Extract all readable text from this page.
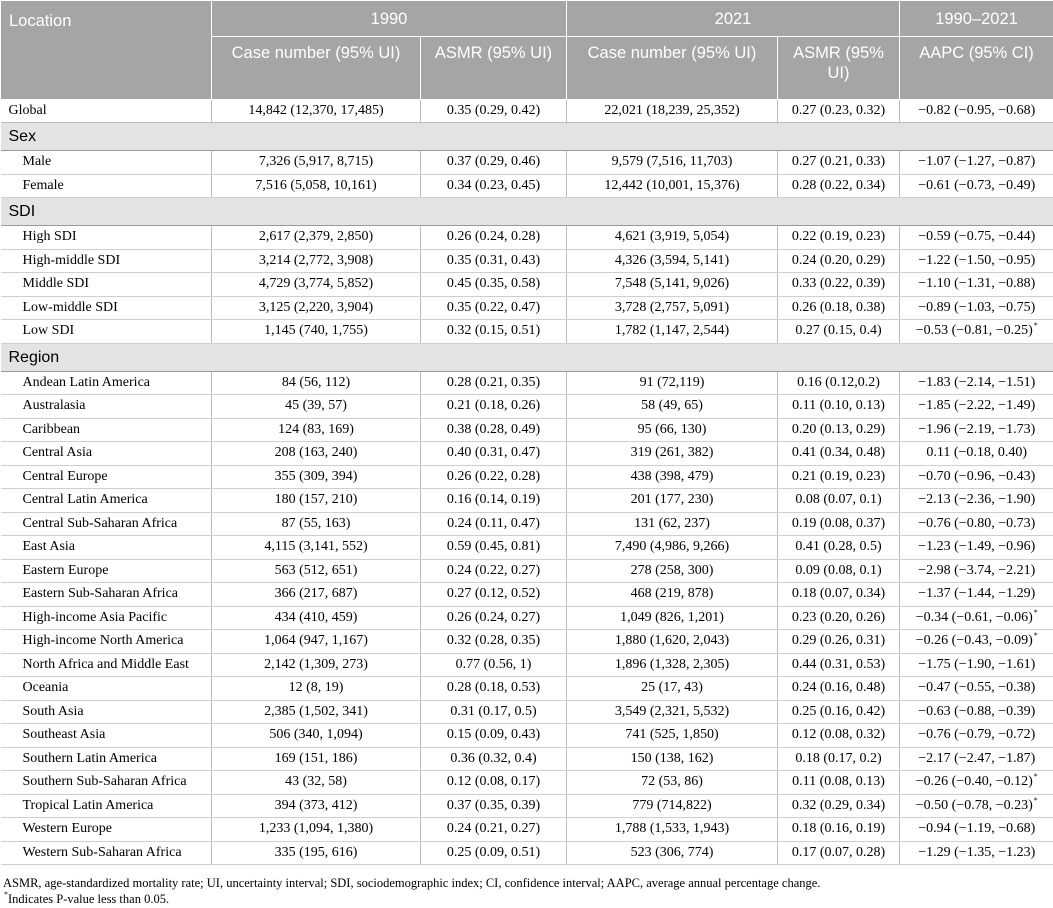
Location	1990		2021		1990–2021
	Case number (95% UI)	ASMR (95% UI)	Case number (95% UI)	ASMR (95% UI)	AAPC (95% CI)
Global	14,842 (12,370, 17,485)	0.35 (0.29, 0.42)	22,021 (18,239, 25,352)	0.27 (0.23, 0.32)	−0.82 (−0.95, −0.68)
Sex					
Male	7,326 (5,917, 8,715)	0.37 (0.29, 0.46)	9,579 (7,516, 11,703)	0.27 (0.21, 0.33)	−1.07 (−1.27, −0.87)
Female	7,516 (5,058, 10,161)	0.34 (0.23, 0.45)	12,442 (10,001, 15,376)	0.28 (0.22, 0.34)	−0.61 (−0.73, −0.49)
SDI					
High SDI	2,617 (2,379, 2,850)	0.26 (0.24, 0.28)	4,621 (3,919, 5,054)	0.22 (0.19, 0.23)	−0.59 (−0.75, −0.44)
High-middle SDI	3,214 (2,772, 3,908)	0.35 (0.31, 0.43)	4,326 (3,594, 5,141)	0.24 (0.20, 0.29)	−1.22 (−1.50, −0.95)
Middle SDI	4,729 (3,774, 5,852)	0.45 (0.35, 0.58)	7,548 (5,141, 9,026)	0.33 (0.22, 0.39)	−1.10 (−1.31, −0.88)
Low-middle SDI	3,125 (2,220, 3,904)	0.35 (0.22, 0.47)	3,728 (2,757, 5,091)	0.26 (0.18, 0.38)	−0.89 (−1.03, −0.75)
Low SDI	1,145 (740, 1,755)	0.32 (0.15, 0.51)	1,782 (1,147, 2,544)	0.27 (0.15, 0.4)	−0.53 (−0.81, −0.25)*
Region					
Andean Latin America	84 (56, 112)	0.28 (0.21, 0.35)	91 (72,119)	0.16 (0.12,0.2)	−1.83 (−2.14, −1.51)
Australasia	45 (39, 57)	0.21 (0.18, 0.26)	58 (49, 65)	0.11 (0.10, 0.13)	−1.85 (−2.22, −1.49)
Caribbean	124 (83, 169)	0.38 (0.28, 0.49)	95 (66, 130)	0.20 (0.13, 0.29)	−1.96 (−2.19, −1.73)
Central Asia	208 (163, 240)	0.40 (0.31, 0.47)	319 (261, 382)	0.41 (0.34, 0.48)	0.11 (−0.18, 0.40)
Central Europe	355 (309, 394)	0.26 (0.22, 0.28)	438 (398, 479)	0.21 (0.19, 0.23)	−0.70 (−0.96, −0.43)
Central Latin America	180 (157, 210)	0.16 (0.14, 0.19)	201 (177, 230)	0.08 (0.07, 0.1)	−2.13 (−2.36, −1.90)
Central Sub-Saharan Africa	87 (55, 163)	0.24 (0.11, 0.47)	131 (62, 237)	0.19 (0.08, 0.37)	−0.76 (−0.80, −0.73)
East Asia	4,115 (3,141, 552)	0.59 (0.45, 0.81)	7,490 (4,986, 9,266)	0.41 (0.28, 0.5)	−1.23 (−1.49, −0.96)
Eastern Europe	563 (512, 651)	0.24 (0.22, 0.27)	278 (258, 300)	0.09 (0.08, 0.1)	−2.98 (−3.74, −2.21)
Eastern Sub-Saharan Africa	366 (217, 687)	0.27 (0.12, 0.52)	468 (219, 878)	0.18 (0.07, 0.34)	−1.37 (−1.44, −1.29)
High-income Asia Pacific	434 (410, 459)	0.26 (0.24, 0.27)	1,049 (826, 1,201)	0.23 (0.20, 0.26)	−0.34 (−0.61, −0.06)*
High-income North America	1,064 (947, 1,167)	0.32 (0.28, 0.35)	1,880 (1,620, 2,043)	0.29 (0.26, 0.31)	−0.26 (−0.43, −0.09)*
North Africa and Middle East	2,142 (1,309, 273)	0.77 (0.56, 1)	1,896 (1,328, 2,305)	0.44 (0.31, 0.53)	−1.75 (−1.90, −1.61)
Oceania	12 (8, 19)	0.28 (0.18, 0.53)	25 (17, 43)	0.24 (0.16, 0.48)	−0.47 (−0.55, −0.38)
South Asia	2,385 (1,502, 341)	0.31 (0.17, 0.5)	3,549 (2,321, 5,532)	0.25 (0.16, 0.42)	−0.63 (−0.88, −0.39)
Southeast Asia	506 (340, 1,094)	0.15 (0.09, 0.43)	741 (525, 1,850)	0.12 (0.08, 0.32)	−0.76 (−0.79, −0.72)
Southern Latin America	169 (151, 186)	0.36 (0.32, 0.4)	150 (138, 162)	0.18 (0.17, 0.2)	−2.17 (−2.47, −1.87)
Southern Sub-Saharan Africa	43 (32, 58)	0.12 (0.08, 0.17)	72 (53, 86)	0.11 (0.08, 0.13)	−0.26 (−0.40, −0.12)*
Tropical Latin America	394 (373, 412)	0.37 (0.35, 0.39)	779 (714,822)	0.32 (0.29, 0.34)	−0.50 (−0.78, −0.23)*
Western Europe	1,233 (1,094, 1,380)	0.24 (0.21, 0.27)	1,788 (1,533, 1,943)	0.18 (0.16, 0.19)	−0.94 (−1.19, −0.68)
Western Sub-Saharan Africa	335 (195, 616)	0.25 (0.09, 0.51)	523 (306, 774)	0.17 (0.07, 0.28)	−1.29 (−1.35, −1.23)
ASMR, age-standardized mortality rate; UI, uncertainty interval; SDI, sociodemographic index; CI, confidence interval; AAPC, average annual percentage change.
*Indicates P-value less than 0.05.
